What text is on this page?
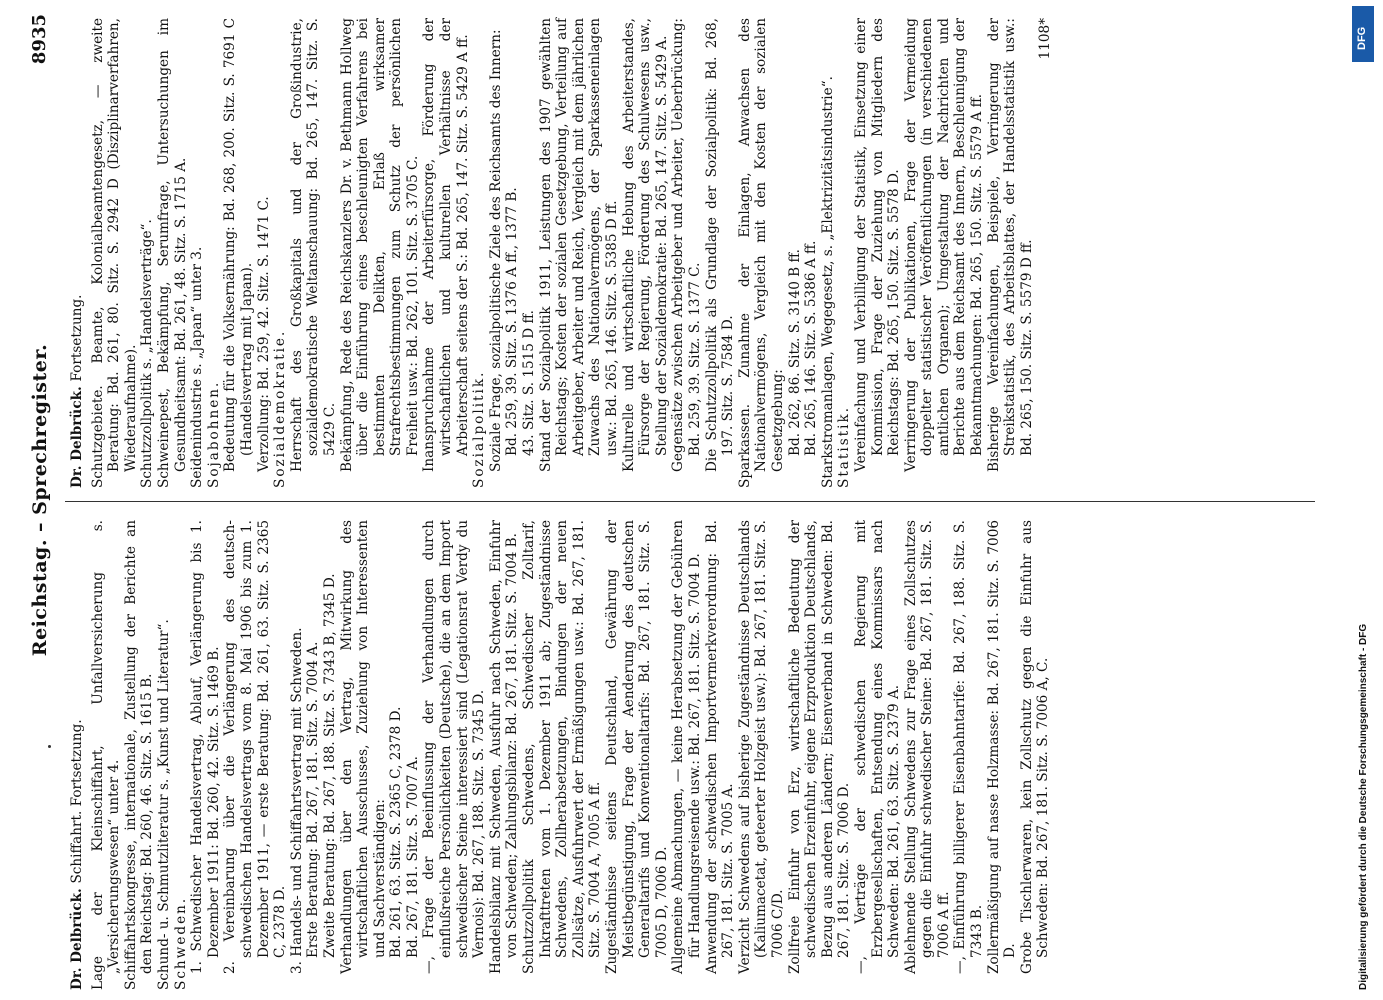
Reichstag. – Sprechregister.
8935

Dr. Delbrück. Schiffahrt. Fortsetzung. Lage der Kleinschiffahrt, Unfallversicherung s. „Versicherungswesen“ unter 4. Schiffahrtskongresse, internationale, Zustellung der Berichte an den Reichstag: Bd. 260, 46. Sitz. S. 1615 B. Schund- u. Schmutzliteratur s. „Kunst und Literatur“. Schweden. 1. Schwedischer Handelsvertrag, Ablauf, Verlängerung bis 1. Dezember 1911: Bd. 260, 42. Sitz. S. 1469 B. 2. Vereinbarung über die Verlängerung des deutsch-schwedischen Handelsvertrags vom 8. Mai 1906 bis zum 1. Dezember 1911, — erste Beratung: Bd. 261, 63. Sitz. S. 2365 C, 2378 D. 3. Handels- und Schiffahrtsvertrag mit Schweden. Erste Beratung: Bd. 267, 181. Sitz. S. 7004 A. Zweite Beratung: Bd. 267, 188. Sitz. S. 7343 B, 7345 D. Verhandlungen über den Vertrag, Mitwirkung des wirtschaftlichen Ausschusses, Zuziehung von Interessenten und Sachverständigen: Bd. 261, 63. Sitz. S. 2365 C, 2378 D. Bd. 267, 181. Sitz. S. 7007 A. —, Frage der Beeinflussung der Verhandlungen durch einflußreiche Persönlichkeiten (Deutsche), die an dem Import schwedischer Steine interessiert sind (Legationsrat Verdy du Vernois): Bd. 267, 188. Sitz. S. 7345 D. Handelsbilanz mit Schweden, Ausfuhr nach Schweden, Einfuhr von Schweden; Zahlungsbilanz: Bd. 267, 181. Sitz. S. 7004 B. Schutzzollpolitik Schwedens, Schwedischer Zolltarif, Inkrafttreten vom 1. Dezember 1911 ab; Zugeständnisse Schwedens, Zollherabsetzungen, Bindungen der neuen Zollsätze, Ausfuhrwert der Ermäßigungen usw.: Bd. 267, 181. Sitz. S. 7004 A, 7005 A ff. Zugeständnisse seitens Deutschland, Gewährung der Meistbegünstigung, Frage der Aenderung des deutschen Generaltarifs und Konventionaltarifs: Bd. 267, 181. Sitz. S. 7005 D, 7006 D. Allgemeine Abmachungen, — keine Herabsetzung der Gebühren für Handlungsreisende usw.: Bd. 267, 181. Sitz. S. 7004 D. Anwendung der schwedischen Importvermerkverordnung: Bd. 267, 181. Sitz. S. 7005 A. Verzicht Schwedens auf bisherige Zugeständnisse Deutschlands (Kaliumacetat, geteerter Holzgeist usw.): Bd. 267, 181. Sitz. S. 7006 C/D. Zollfreie Einfuhr von Erz, wirtschaftliche Bedeutung der schwedischen Erzeinfuhr, eigene Erzproduktion Deutschlands, Bezug aus anderen Ländern; Eisenverband in Schweden: Bd. 267, 181. Sitz. S. 7006 D. —, Verträge der schwedischen Regierung mit Erzbergesellschaften, Entsendung eines Kommissars nach Schweden: Bd. 261, 63. Sitz. S. 2379 A. Ablehnende Stellung Schwedens zur Frage eines Zollschutzes gegen die Einfuhr schwedischer Steine: Bd. 267, 181. Sitz. S. 7006 A ff. —, Einführung billigerer Eisenbahntarife: Bd. 267, 188. Sitz. S. 7343 B. Zollermäßigung auf nasse Holzmasse: Bd. 267, 181. Sitz. S. 7006 D. Grobe Tischlerwaren, kein Zollschutz gegen die Einfuhr aus Schweden: Bd. 267, 181. Sitz. S. 7006 A, C.

Dr. Delbrück. Fortsetzung. Schutzgebiete. Beamte, Kolonialbeamtengesetz, — zweite Beratung: Bd. 261, 80. Sitz. S. 2942 D (Disziplinarverfahren, Wiederaufnahme). Schutzzollpolitik s. „Handelsverträge“. Schweinepest, Bekämpfung, Serumfrage, Untersuchungen im Gesundheitsamt: Bd. 261, 48. Sitz. S. 1715 A. Seidenindustrie s. „Japan“ unter 3. Sojabohnen. Bedeutung für die Volksernährung: Bd. 268, 200. Sitz. S. 7691 C (Handelsvertrag mit Japan). Verzollung: Bd. 259, 42. Sitz. S. 1471 C. Sozialdemokratie. Herrschaft des Großkapitals und der Großindustrie, sozialdemokratische Weltanschauung: Bd. 265, 147. Sitz. S. 5429 C. Bekämpfung, Rede des Reichskanzlers Dr. v. Bethmann Hollweg über die Einführung eines beschleunigten Verfahrens bei bestimmten Delikten, Erlaß wirksamer Strafrechtsbestimmungen zum Schutz der persönlichen Freiheit usw.: Bd. 262, 101. Sitz. S. 3705 C. Inanspruchnahme der Arbeiterfürsorge, Förderung der wirtschaftlichen und kulturellen Verhältnisse der Arbeiterschaft seitens der S.: Bd. 265, 147. Sitz. S. 5429 A ff. Sozialpolitik. Soziale Frage, sozialpolitische Ziele des Reichsamts des Innern: Bd. 259, 39. Sitz. S. 1376 A ff., 1377 B. 43. Sitz. S. 1515 D ff. Stand der Sozialpolitik 1911, Leistungen des 1907 gewählten Reichstags; Kosten der sozialen Gesetzgebung, Verteilung auf Arbeitgeber, Arbeiter und Reich, Vergleich mit dem jährlichen Zuwachs des Nationalvermögens, der Sparkasseneinlagen usw.: Bd. 265, 146. Sitz. S. 5385 D ff. Kulturelle und wirtschaftliche Hebung des Arbeiterstandes, Fürsorge der Regierung, Förderung des Schulwesens usw., Stellung der Sozialdemokratie: Bd. 265, 147. Sitz. S. 5429 A. Gegensätze zwischen Arbeitgeber und Arbeiter, Ueberbrückung: Bd. 259, 39. Sitz. S. 1377 C. Die Schutzzollpolitik als Grundlage der Sozialpolitik: Bd. 268, 197. Sitz. S. 7584 D. Sparkassen. Zunahme der Einlagen, Anwachsen des Nationalvermögens, Vergleich mit den Kosten der sozialen Gesetzgebung: Bd. 262, 86. Sitz. S. 3140 B ff. Bd. 265, 146. Sitz. S. 5386 A ff. Starkstromanlagen, Wegegesetz, s. „Elektrizitätsindustrie“. Statistik. Vereinfachung und Verbilligung der Statistik, Einsetzung einer Kommission, Frage der Zuziehung von Mitgliedern des Reichstags: Bd. 265, 150. Sitz. S. 5578 D. Verringerung der Publikationen, Frage der Vermeidung doppelter statistischer Veröffentlichungen (in verschiedenen amtlichen Organen); Umgestaltung der Nachrichten und Berichte aus dem Reichsamt des Innern, Beschleunigung der Bekanntmachungen: Bd. 265, 150. Sitz. S. 5579 A ff. Bisherige Vereinfachungen, Beispiele, Verringerung der Streikstatistik, des Arbeitsblattes, der Handelsstatistik usw.: Bd. 265, 150. Sitz. S. 5579 D ff.

1108*	DFG
Digitalisierung gefördert durch die Deutsche Forschungsgemeinschaft - DFG
